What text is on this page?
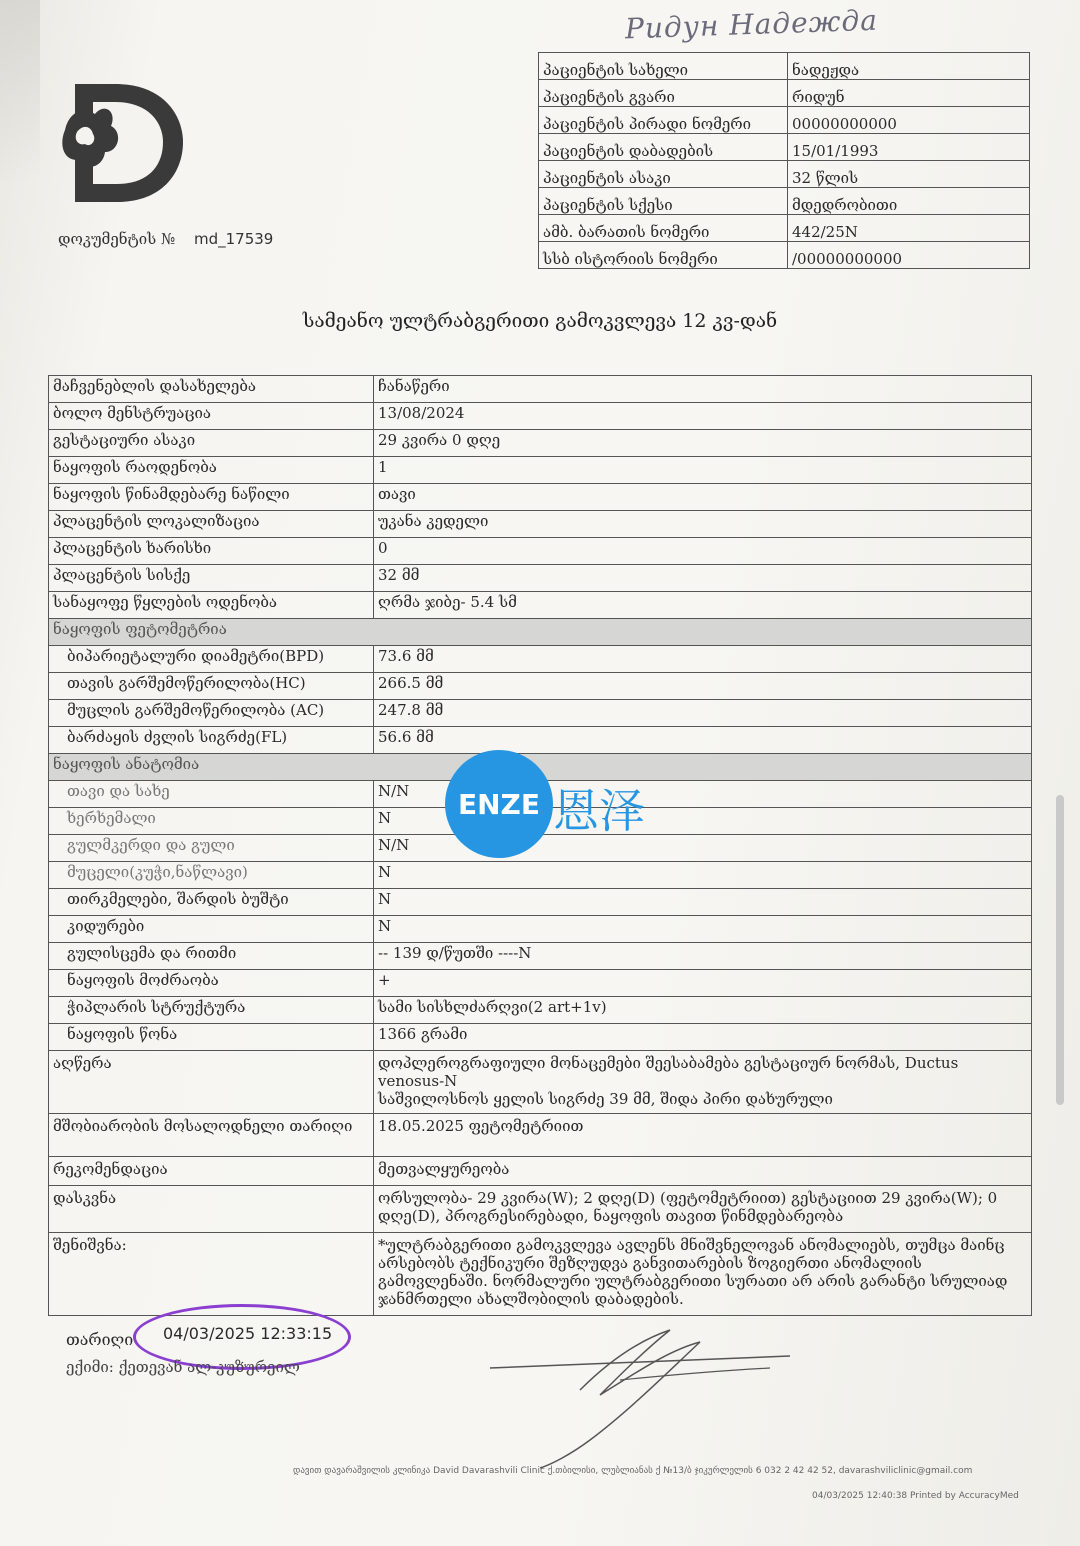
Ридун Надежда
დოკუმენტის № md_17539
პაციენტის სახელი	ნადეჟდა
პაციენტის გვარი	რიდუნ
პაციენტის პირადი ნომერი	00000000000
პაციენტის დაბადების	15/01/1993
პაციენტის ასაკი	32 წლის
პაციენტის სქესი	მდედრობითი
ამბ. ბარათის ნომერი	442/25N
სსბ ისტორიის ნომერი	/00000000000
სამეანო ულტრაბგერითი გამოკვლევა 12 კვ-დან
მაჩვენებლის დასახელება	ჩანაწერი
ბოლო მენსტრუაცია	13/08/2024
გესტაციური ასაკი	29 კვირა 0 დღე
ნაყოფის რაოდენობა	1
ნაყოფის წინამდებარე ნაწილი	თავი
პლაცენტის ლოკალიზაცია	უკანა კედელი
პლაცენტის ხარისხი	0
პლაცენტის სისქე	32 მმ
სანაყოფე წყლების ოდენობა	ღრმა ჯიბე- 5.4 სმ
ნაყოფის ფეტომეტრია	
ბიპარიეტალური დიამეტრი(BPD)	73.6 მმ
თავის გარშემოწერილობა(HC)	266.5 მმ
მუცლის გარშემოწერილობა (AC)	247.8 მმ
ბარძაყის ძვლის სიგრძე(FL)	56.6 მმ
ნაყოფის ანატომია	
თავი და სახე	N/N
ხერხემალი	N
გულმკერდი და გული	N/N
მუცელი(კუჭი,ნაწლავი)	N
თირკმელები, შარდის ბუშტი	N
კიდურები	N
გულისცემა და რითმი	-- 139 დ/წუთში ----N
ნაყოფის მოძრაობა	+
ჭიპლარის სტრუქტურა	სამი სისხლძარღვი(2 art+1v)
ნაყოფის წონა	1366 გრამი
აღწერა	დოპლეროგრაფიული მონაცემები შეესაბამება გესტაციურ ნორმას, Ductus venosus-N
საშვილოსნოს ყელის სიგრძე 39 მმ, შიდა პირი დახურული

მშობიარობის მოსალოდნელი თარიღი	18.05.2025 ფეტომეტრიით
რეკომენდაცია	მეთვალყურეობა
დასკვნა	ორსულობა- 29 კვირა(W); 2 დღე(D) (ფეტომეტრიით) გესტაციით 29 კვირა(W); 0 დღე(D), პროგრესირებადი, ნაყოფის თავით წინმდებარეობა
შენიშვნა:	*ულტრაბგერითი გამოკვლევა ავლენს მნიშვნელოვან ანომალიებს, თუმცა მაინც არსებობს ტექნიკური შეზღუდვა განვითარების ზოგიერთი ანომალიის გამოვლენაში. ნორმალური ულტრაბგერითი სურათი არ არის გარანტი სრულიად ჯანმრთელი ახალშობილის დაბადების.
ENZE 恩泽
თარიღი 04/03/2025 12:33:15
ექიმი: ქეთევან ალ-კუზურეილ
დავით დავარაშვილის კლინიკა David Davarashvili Clinic ქ.თბილისი, ლუბლიანას ქ №13/ბ ჯიკურლელის 6 032 2 42 42 52, davarashviliclinic@gmail.com
04/03/2025 12:40:38 Printed by AccuracyMed
